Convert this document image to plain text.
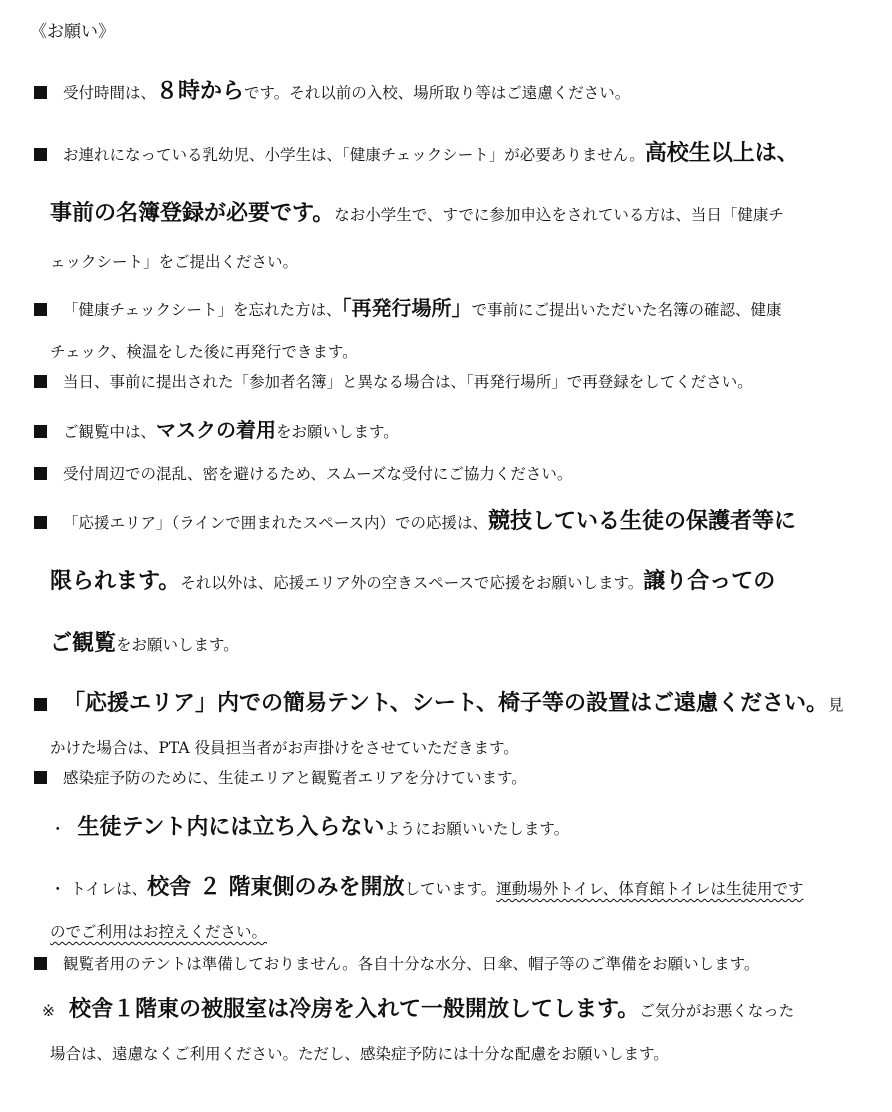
《お願い》
受付時間は、８時からです。それ以前の入校、場所取り等はご遠慮ください。
お連れになっている乳幼児、小学生は、「健康チェックシート」が必要ありません。高校生以上は、
事前の名簿登録が必要です。なお小学生で、すでに参加申込をされている方は、当日「健康チ
ェックシート」をご提出ください。
「健康チェックシート」を忘れた方は、「再発行場所」で事前にご提出いただいた名簿の確認、健康
チェック、検温をした後に再発行できます。
当日、事前に提出された「参加者名簿」と異なる場合は、「再発行場所」で再登録をしてください。
ご観覧中は、マスクの着用をお願いします。
受付周辺での混乱、密を避けるため、スムーズな受付にご協力ください。
「応援エリア」（ラインで囲まれたスペース内）での応援は、競技している生徒の保護者等に
限られます。それ以外は、応援エリア外の空きスペースで応援をお願いします。譲り合っての
ご観覧をお願いします。
「応援エリア」内での簡易テント、シート、椅子等の設置はご遠慮ください。見
かけた場合は、PTA 役員担当者がお声掛けをさせていただきます。
感染症予防のために、生徒エリアと観覧者エリアを分けています。
・ 生徒テント内には立ち入らないようにお願いいたします。
・ トイレは、校舎 ２ 階東側のみを開放しています。運動場外トイレ、体育館トイレは生徒用です
のでご利用はお控えください。
観覧者用のテントは準備しておりません。各自十分な水分、日傘、帽子等のご準備をお願いします。
※ 校舎１階東の被服室は冷房を入れて一般開放してします。ご気分がお悪くなった
場合は、遠慮なくご利用ください。ただし、感染症予防には十分な配慮をお願いします。
